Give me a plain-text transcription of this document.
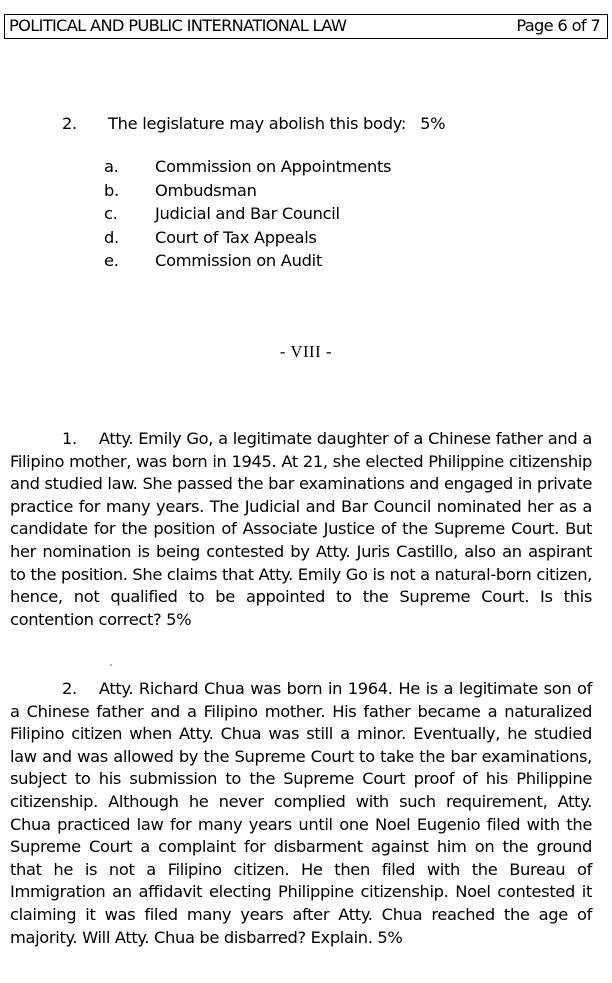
POLITICAL AND PUBLIC INTERNATIONAL LAW	Page 6 of 7
2. The legislature may abolish this body: 5%
a. Commission on Appointments
b. Ombudsman
c. Judicial and Bar Council
d. Court of Tax Appeals
e. Commission on Audit
- VIII -

1. Atty. Emily Go, a legitimate daughter of a Chinese father and a Filipino mother, was born in 1945. At 21, she elected Philippine citizenship and studied law. She passed the bar examinations and engaged in private practice for many years. The Judicial and Bar Council nominated her as a candidate for the position of Associate Justice of the Supreme Court. But her nomination is being contested by Atty. Juris Castillo, also an aspirant to the position. She claims that Atty. Emily Go is not a natural-born citizen, hence, not qualified to be appointed to the Supreme Court. Is this contention correct? 5%

2. Atty. Richard Chua was born in 1964. He is a legitimate son of a Chinese father and a Filipino mother. His father became a naturalized Filipino citizen when Atty. Chua was still a minor. Eventually, he studied law and was allowed by the Supreme Court to take the bar examinations, subject to his submission to the Supreme Court proof of his Philippine citizenship. Although he never complied with such requirement, Atty. Chua practiced law for many years until one Noel Eugenio filed with the Supreme Court a complaint for disbarment against him on the ground that he is not a Filipino citizen. He then filed with the Bureau of Immigration an affidavit electing Philippine citizenship. Noel contested it claiming it was filed many years after Atty. Chua reached the age of majority. Will Atty. Chua be disbarred? Explain. 5%
